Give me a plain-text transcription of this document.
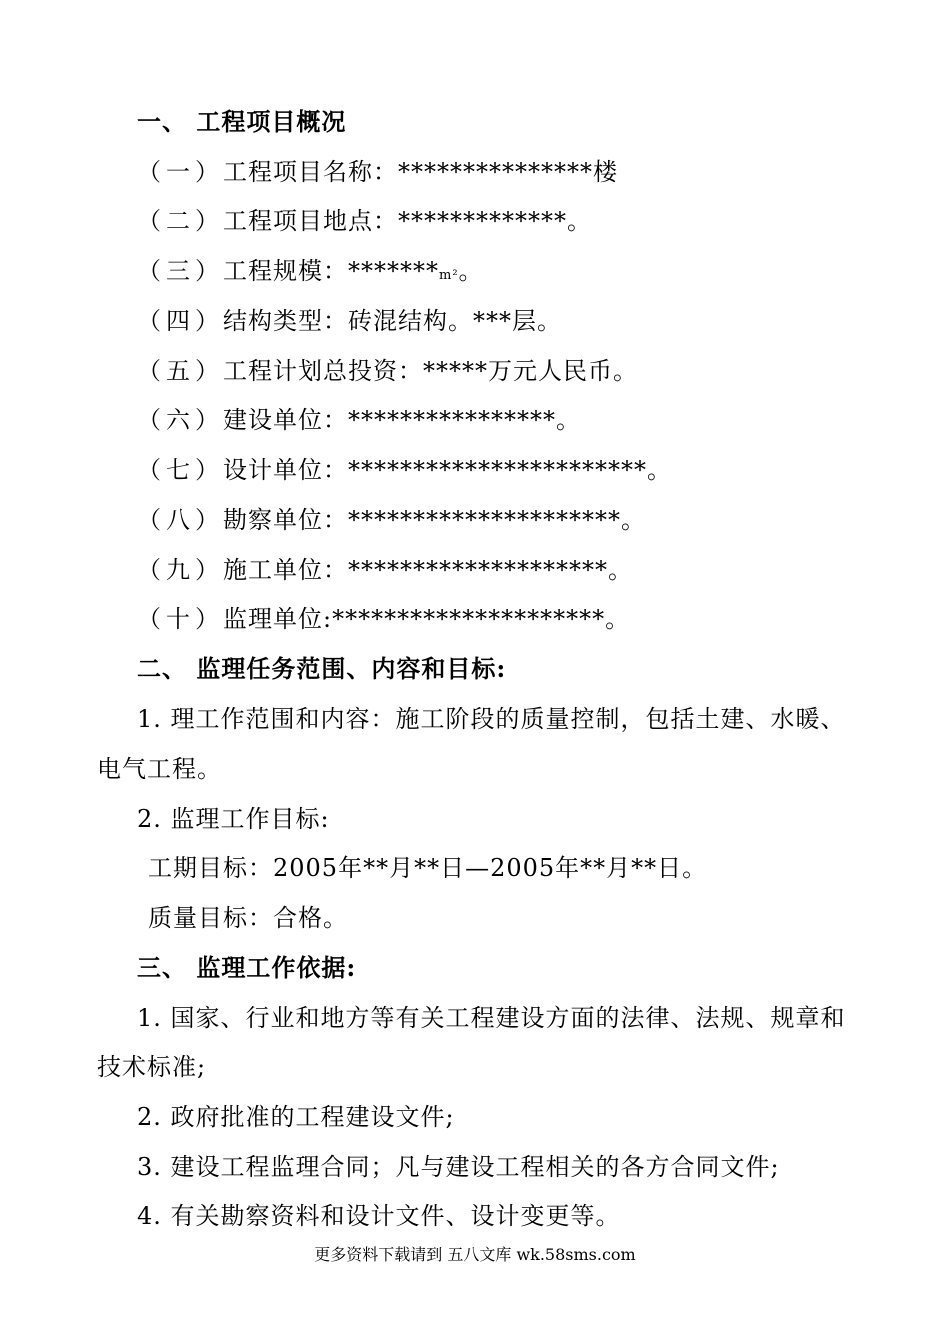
一、 工程项目概况
（一）工程项目名称：***************楼
（二）工程项目地点：*************。
（三）工程规模：*******m²。
（四）结构类型：砖混结构。***层。
（五）工程计划总投资：*****万元人民币。
（六）建设单位：****************。
（七）设计单位：***********************。
（八）勘察单位：*********************。
（九）施工单位：********************。
（十）监理单位:*********************。
二、 监理任务范围、内容和目标:
1. 理工作范围和内容：施工阶段的质量控制，包括土建、水暖、
电气工程。
2. 监理工作目标:
工期目标：2005年**月**日—2005年**月**日。
质量目标：合格。
三、 监理工作依据:
1. 国家、行业和地方等有关工程建设方面的法律、法规、规章和
技术标准;
2. 政府批准的工程建设文件;
3. 建设工程监理合同；凡与建设工程相关的各方合同文件;
4. 有关勘察资料和设计文件、设计变更等。
更多资料下载请到 五八文库 wk.58sms.com
